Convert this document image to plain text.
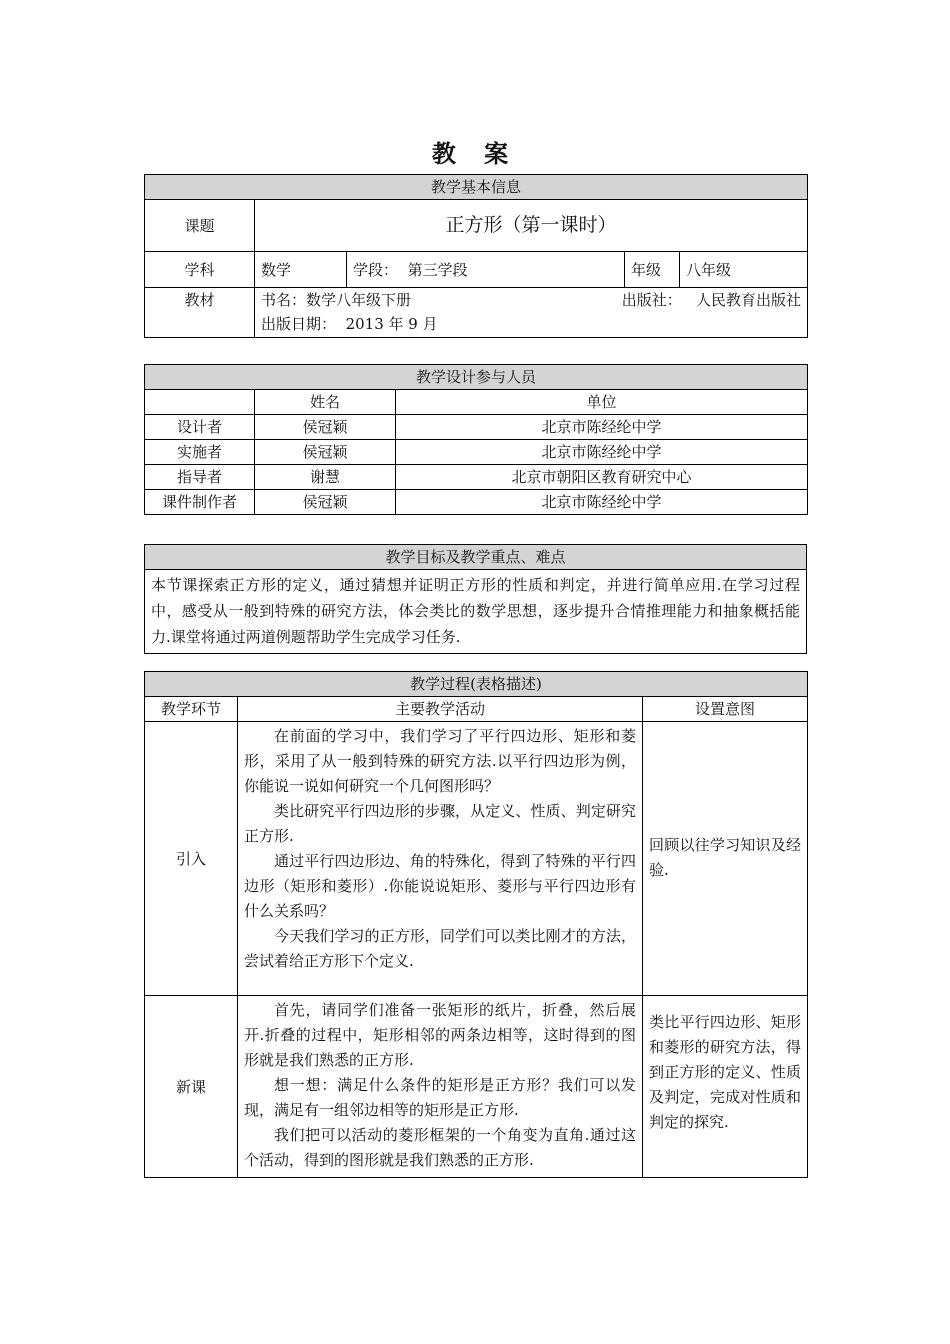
教 案
教学基本信息				
课题	正方形（第一课时）			
学科	数学	学段： 第三学段	年级	八年级
教材	书名：数学八年级下册 出版社： 人民教育出版社
出版日期： 2013 年 9 月			
教学设计参与人员		
	姓名	单位
设计者	侯冠颖	北京市陈经纶中学
实施者	侯冠颖	北京市陈经纶中学
指导者	谢慧	北京市朝阳区教育研究中心
课件制作者	侯冠颖	北京市陈经纶中学
教学目标及教学重点、难点
本节课探索正方形的定义，通过猜想并证明正方形的性质和判定，并进行简单应用.在学习过程中，感受从一般到特殊的研究方法，体会类比的数学思想，逐步提升合情推理能力和抽象概括能力.课堂将通过两道例题帮助学生完成学习任务.
教学过程(表格描述)		
教学环节	主要教学活动	设置意图
引入	在前面的学习中，我们学习了平行四边形、矩形和菱形，采用了从一般到特殊的研究方法.以平行四边形为例，你能说一说如何研究一个几何图形吗？

类比研究平行四边形的步骤，从定义、性质、判定研究正方形.

通过平行四边形边、角的特殊化，得到了特殊的平行四边形（矩形和菱形）.你能说说矩形、菱形与平行四边形有什么关系吗？

今天我们学习的正方形，同学们可以类比刚才的方法，尝试着给正方形下个定义.	回顾以往学习知识及经验.
新课	首先，请同学们准备一张矩形的纸片，折叠，然后展开.折叠的过程中，矩形相邻的两条边相等，这时得到的图形就是我们熟悉的正方形.

想一想：满足什么条件的矩形是正方形？我们可以发现，满足有一组邻边相等的矩形是正方形.

我们把可以活动的菱形框架的一个角变为直角.通过这个活动，得到的图形就是我们熟悉的正方形.	类比平行四边形、矩形和菱形的研究方法，得到正方形的定义、性质及判定，完成对性质和判定的探究.
